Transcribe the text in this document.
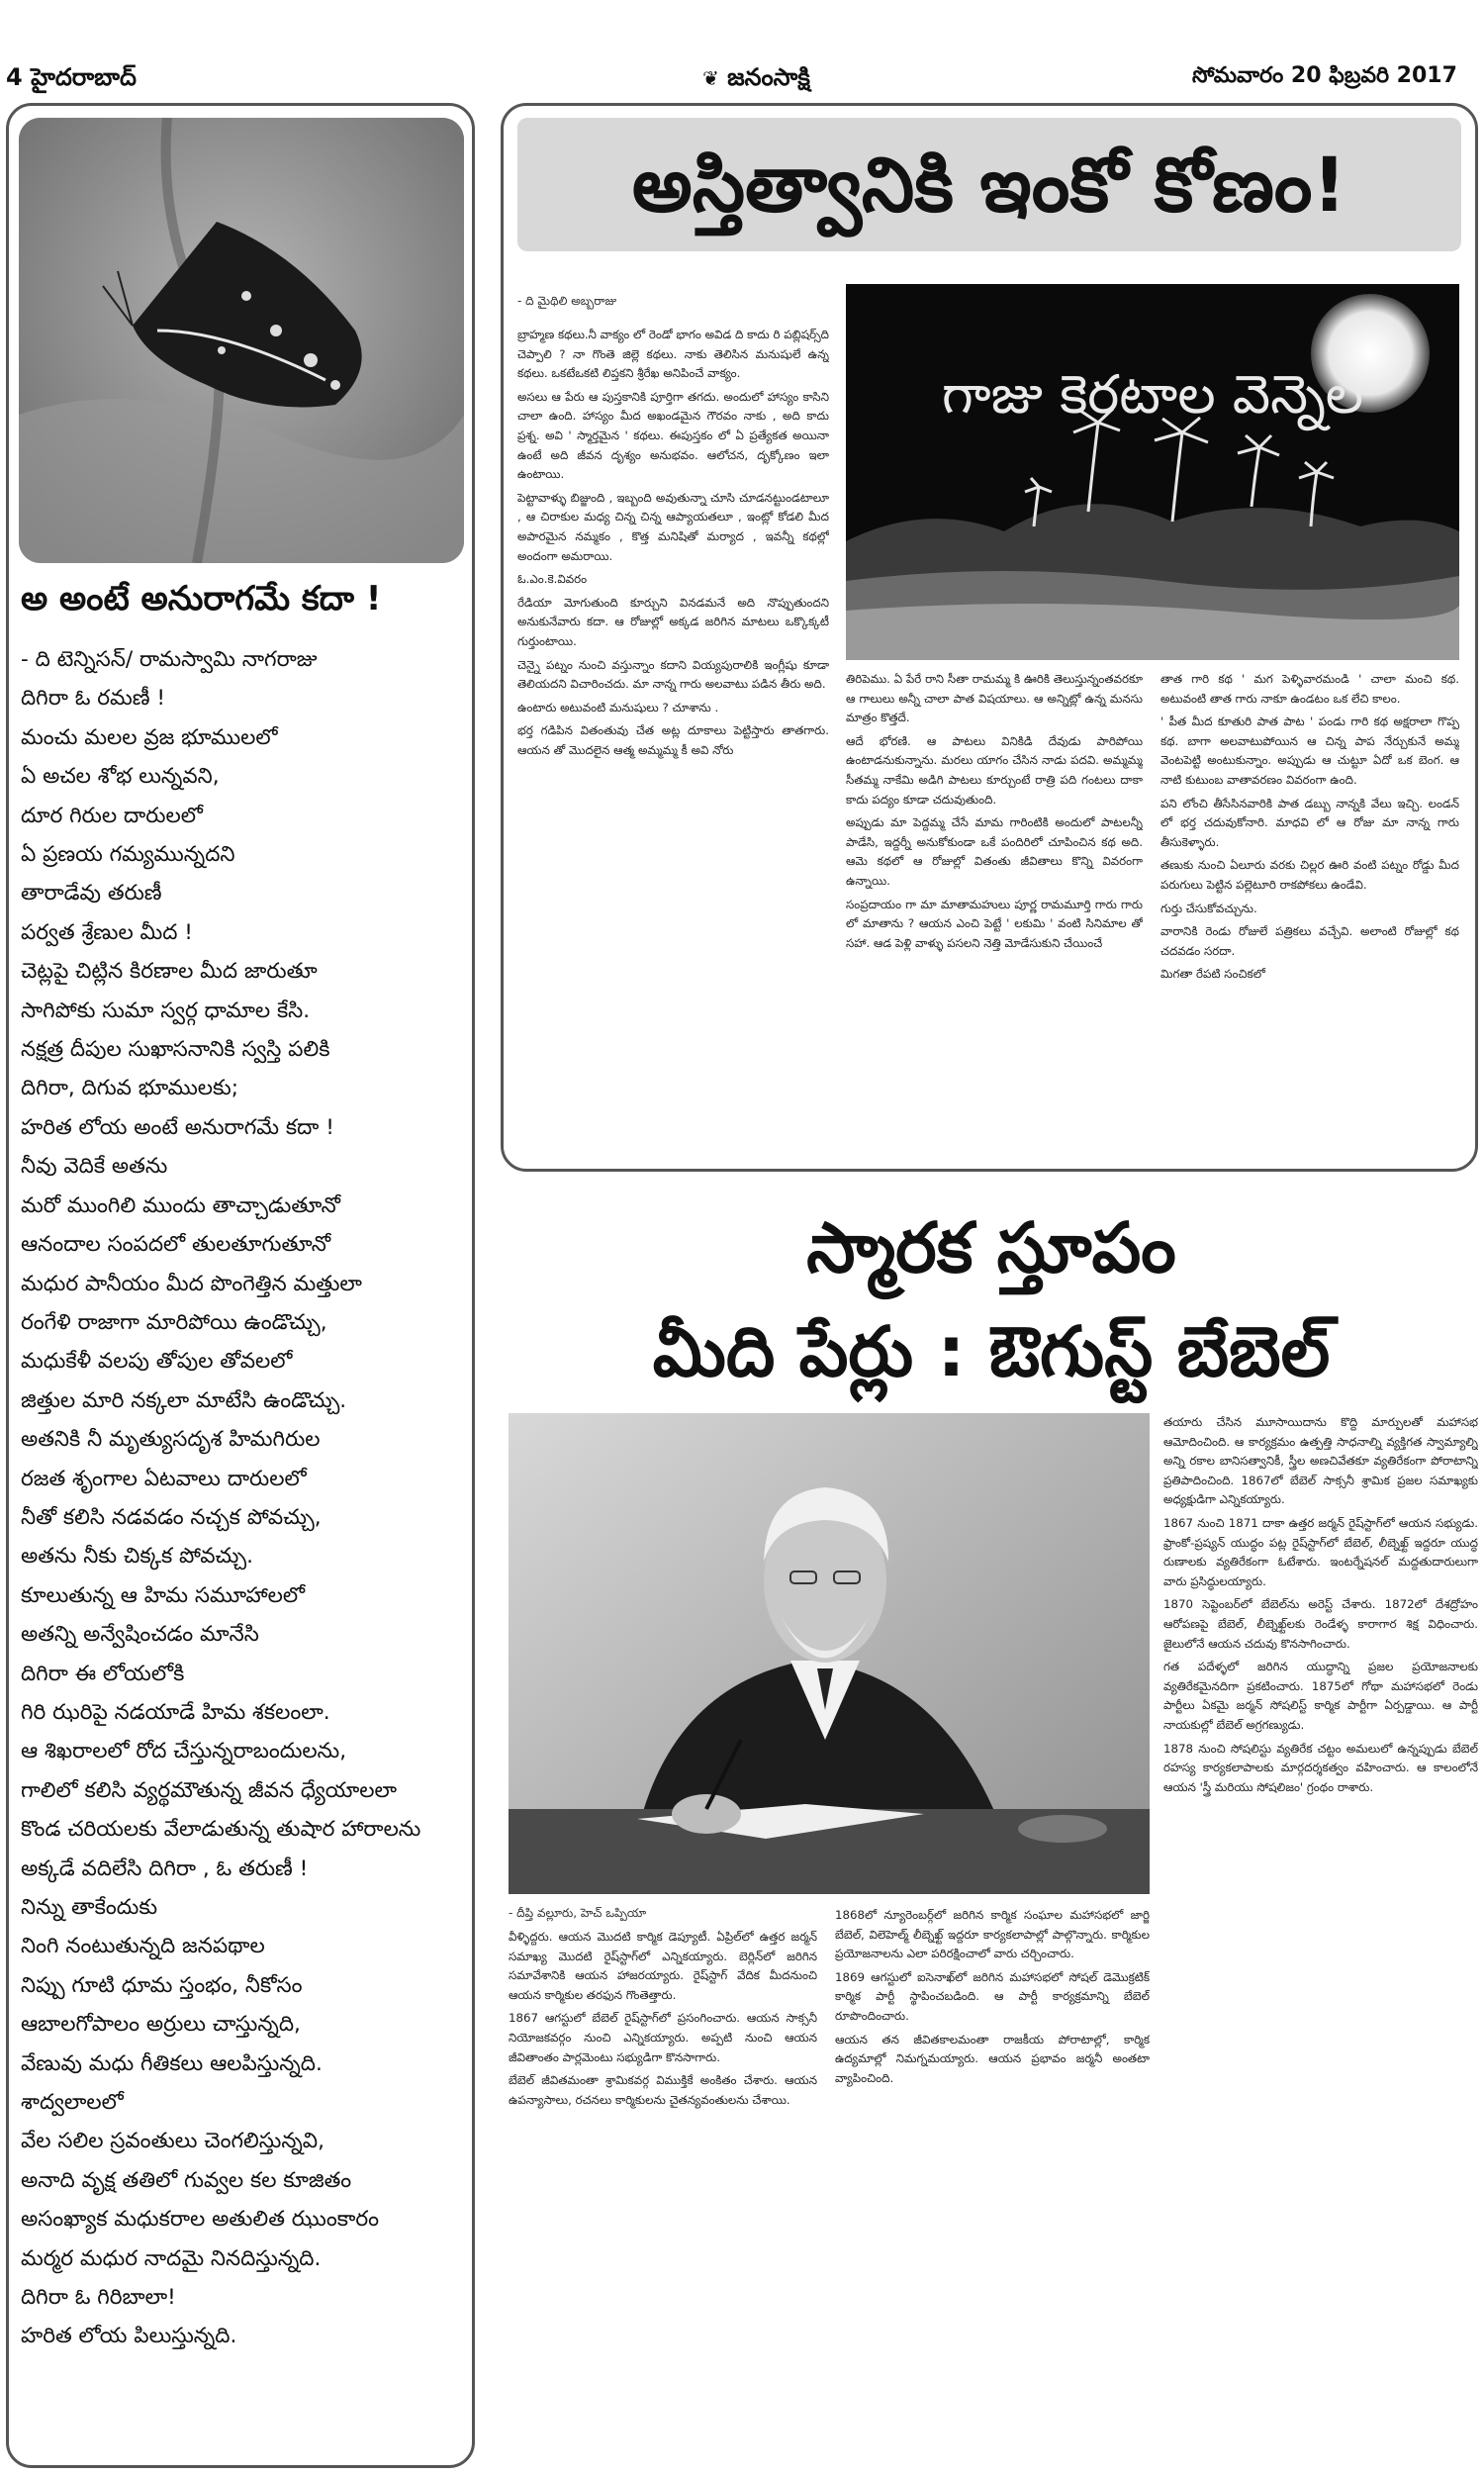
4 హైదరాబాద్	❦ జనంసాక్షి	సోమవారం 20 ఫిబ్రవరి 2017
అ అంటే అనురాగమే కదా !
- ది టెన్నిసన్/ రామస్వామి నాగరాజు
దిగిరా ఓ రమణీ !
మంచు మలల వ్రజ భూములలో
ఏ అచల శోభ లున్నవని,
దూర గిరుల దారులలో
ఏ ప్రణయ గమ్యమున్నదని
తారాడేవు తరుణీ
పర్వత శ్రేణుల మీద !
చెట్లపై చిట్లిన కిరణాల మీద జారుతూ
సాగిపోకు సుమా స్వర్గ ధామాల కేసి.
నక్షత్ర దీపుల సుఖాసనానికి స్వస్తి పలికి
దిగిరా, దిగువ భూములకు;
హరిత లోయ అంటే అనురాగమే కదా !
నీవు వెదికే అతను
మరో ముంగిలి ముందు తాచ్చాడుతూనో
ఆనందాల సంపదలో తులతూగుతూనో
మధుర పానీయం మీద పొంగెత్తిన మత్తులా
రంగేళి రాజాగా మారిపోయి ఉండొచ్చు,
మధుకేళీ వలపు తోపుల తోవలలో
జిత్తుల మారి నక్కలా మాటేసి ఉండొచ్చు.
అతనికి నీ మృత్యుసదృశ హిమగిరుల
రజత శృంగాల ఏటవాలు దారులలో
నీతో కలిసి నడవడం నచ్చక పోవచ్చు,
అతను నీకు చిక్కక పోవచ్చు.
కూలుతున్న ఆ హిమ సమూహాలలో
అతన్ని అన్వేషించడం మానేసి
దిగిరా ఈ లోయలోకి
గిరి ఝరిపై నడయాడే హిమ శకలంలా.
ఆ శిఖరాలలో రోద చేస్తున్నరాబందులను,
గాలిలో కలిసి వ్యర్థమౌతున్న జీవన ధ్యేయాలలా
కొండ చరియలకు వేలాడుతున్న తుషార హారాలను
అక్కడే వదిలేసి దిగిరా , ఓ తరుణీ !
నిన్ను తాకేందుకు
నింగి నంటుతున్నది జనపథాల
నిప్పు గూటి ధూమ స్తంభం, నీకోసం
ఆబాలగోపాలం అర్రులు చాస్తున్నది,
వేణువు మధు గీతికలు ఆలపిస్తున్నది.
శాద్వలాలలో
వేల సలిల స్రవంతులు చెంగలిస్తున్నవి,
అనాది వృక్ష తతిలో గువ్వల కల కూజితం
అసంఖ్యాక మధుకరాల అతులిత ఝుంకారం
మర్మర మధుర నాదమై నినదిస్తున్నది.
దిగిరా ఓ గిరిబాలా!
హరిత లోయ పిలుస్తున్నది.
అస్తిత్వానికి ఇంకో కోణం!
- ది మైథిలి అబ్బరాజు

బ్రాహ్మణ కథలు.నీ వాక్యం లో రెండో భాగం అవిడ ది కాదు రి పబ్లిషర్స్‌ది చెప్పాలి ? నా గొంతె జిల్లె కథలు. నాకు తెలిసిన మనుషులే ఉన్న కథలు. ఒకటేఒకటి లిప్తకని శ్రీరేఖ అనిపించే వాక్యం.

అసలు ఆ పేరు ఆ పుస్తకానికి పూర్తిగా తగదు. అందులో హాస్యం కాసిని చాలా ఉంది. హాస్యం మీద అఖండమైన గౌరవం నాకు , అది కాదు ప్రశ్న. అవి ' స్మార్తమైన ' కథలు. ఈపుస్తకం లో ఏ ప్రత్యేకత అయినా ఉంటే అది జీవన దృశ్యం అనుభవం. ఆలోచన, దృక్కోణం ఇలా ఉంటాయి.

పెట్టావాళ్ళు బిజ్జుంది , ఇబ్బంది అవుతున్నా చూసి చూడనట్టుండటాలూ , ఆ చిరాకుల మధ్య చిన్న చిన్న ఆప్యాయతలూ , ఇంట్లో కోడలి మీద అపారమైన నమ్మకం , కొత్త మనిషితో మర్యాద , ఇవన్నీ కథల్లో అందంగా అమరాయి.

ఓ.ఎం.కె.వివరం

రేడియా మోగుతుంది కూర్చుని వినడమనే అది నొప్పుతుందని అనుకునేవారు కదా. ఆ రోజుల్లో అక్కడ జరిగిన మాటలు ఒక్కొక్కటీ గుర్తుంటాయి.

చెన్నై పట్నం నుంచి వస్తున్నాం కదాని వియ్యపురాలికి ఇంగ్లీషు కూడా తెలియదని విచారించదు. మా నాన్న గారు అలవాటు పడిన తీరు అది.

ఉంటారు అటువంటి మనుషులు ? చూశాను .

భర్త గడిపిన వితంతువు చేత అట్ల దూకాలు పెట్టిస్తారు తాతగారు. ఆయన తో మొదలైన ఆత్మ అమ్మమ్మ కీ అవి నోరు

గాజు కెరటాల వెన్నెల

తిరిపెము. ఏ పేరే రాని సీతా రామమ్మ కి ఊరికి తెలుస్తున్నంతవరకూ ఆ గాలులు అన్నీ చాలా పాత విషయాలు. ఆ అన్నిట్లో ఉన్న మనసు మాత్రం కొత్తదే.

ఆదే భోరణి. ఆ పాటలు వినికిడి దేవుడు పారిపోయి ఉంటాడనుకున్నాను. మరలు యాగం చేసిన నాడు పదవి. అమ్మమ్మ సీతమ్మ నాకేమి అడిగి పాటలు కూర్చుంటే రాత్రి పది గంటలు దాకా కాదు పద్యం కూడా చదువుతుంది.

అప్పుడు మా పెద్దమ్మ చేసే మామ గారింటికి అందులో పాటలన్నీ పాడేసి, ఇద్దర్నీ అనుకోకుండా ఒకే పందిరిలో చూపించిన కథ అది. ఆమె కథలో ఆ రోజుల్లో వితంతు జీవితాలు కొన్ని వివరంగా ఉన్నాయి.

సంప్రదాయం గా మా మాతామహులు పూర్ణ రామమూర్తి గారు గారు లో మాతాను ? ఆయన ఎంచి పెట్టే ' లకుమి ' వంటి సినిమాల తో సహా. ఆడ పెళ్లి వాళ్ళు పసలని నెత్తి మోడేసుకుని చేయించే

తాత గారి కథ ' మగ పెళ్ళివారమండి ' చాలా మంచి కథ. అటువంటి తాత గారు నాకూ ఉండటం ఒక లేచి కాలం.

' పీత మీద కూతురి పాత పాట ' పండు గారి కథ అక్షరాలా గొప్ప కథ. బాగా అలవాటుపోయిన ఆ చిన్న పాప నేర్చుకునే అమ్మ వెంటపెట్టి అంటుకున్నాం. అప్పుడు ఆ చుట్టూ ఏదో ఒక బెంగ. ఆ నాటి కుటుంబ వాతావరణం వివరంగా ఉంది.

పని లోంచి తీసేసినవారికి పాత డబ్బు నాన్నకి వేలు ఇచ్చి. లండన్ లో భర్త చదువుకోనారి. మాధవి లో ఆ రోజు మా నాన్న గారు తీసుకెళ్ళారు.

తణుకు నుంచి ఏలూరు వరకు చిల్లర ఊరి వంటి పట్నం రోడ్డు మీద పరుగులు పెట్టిన పల్లెటూరి రాకపోకలు ఉండేవి.

గుర్తు చేసుకోవచ్చును.

వారానికి రెండు రోజులే పత్రికలు వచ్చేవి. అలాంటి రోజుల్లో కథ చదవడం సరదా.

మిగతా రేపటి సంచికలో

స్మారక స్తూపం
మీది పేర్లు : ఔగుస్ట్ బేబెల్

తయారు చేసిన మూసాయిదాను కొద్ది మార్పులతో మహాసభ ఆమోదించింది. ఆ కార్యక్రమం ఉత్పత్తి సాధనాల్ని వ్యక్తిగత స్వామ్యాల్ని అన్ని రకాల బానిసత్వానికీ, స్త్రీల అణచివేతకూ వ్యతిరేకంగా పోరాటాన్ని ప్రతిపాదించింది. 1867లో బేబెల్ సాక్సనీ శ్రామిక ప్రజల సమాఖ్యకు అధ్యక్షుడిగా ఎన్నికయ్యారు.

1867 నుంచి 1871 దాకా ఉత్తర జర్మన్ రైష్‌స్టాగ్‌లో ఆయన సభ్యుడు. ఫ్రాంకో-ప్రష్యన్ యుద్ధం పట్ల రైష్‌స్టాగ్‌లో బేబెల్, లీబ్నెఖ్ట్ ఇద్దరూ యుద్ధ రుణాలకు వ్యతిరేకంగా ఓటేశారు. ఇంటర్నేషనల్ మద్దతుదారులుగా వారు ప్రసిద్ధులయ్యారు.

1870 సెప్టెంబర్‌లో బేబెల్‌ను అరెస్ట్ చేశారు. 1872లో దేశద్రోహం ఆరోపణపై బేబెల్, లీబ్నెఖ్ట్‌లకు రెండేళ్ళ కారాగార శిక్ష విధించారు. జైలులోనే ఆయన చదువు కొనసాగించారు.

గత పదేళ్ళలో జరిగిన యుద్ధాన్ని ప్రజల ప్రయోజనాలకు వ్యతిరేకమైనదిగా ప్రకటించారు. 1875లో గోథా మహాసభలో రెండు పార్టీలు ఏకమై జర్మన్ సోషలిస్ట్ కార్మిక పార్టీగా ఏర్పడ్డాయి. ఆ పార్టీ నాయకుల్లో బేబెల్ అగ్రగణ్యుడు.

1878 నుంచి సోషలిస్టు వ్యతిరేక చట్టం అమలులో ఉన్నప్పుడు బేబెల్ రహస్య కార్యకలాపాలకు మార్గదర్శకత్వం వహించారు. ఆ కాలంలోనే ఆయన 'స్త్రీ మరియు సోషలిజం' గ్రంథం రాశారు.

- దీప్తి వల్లూరు, హెచ్ ఒప్పియా

వీళ్ళిద్దరు. ఆయన మొదటి కార్మిక డెప్యూటీ. ఏప్రిల్‌లో ఉత్తర జర్మన్ సమాఖ్య మొదటి రైష్‌స్టాగ్‌లో ఎన్నికయ్యారు. బెర్లిన్‌లో జరిగిన సమావేశానికి ఆయన హాజరయ్యారు. రైష్‌స్టాగ్ వేదిక మీదనుంచి ఆయన కార్మికుల తరఫున గొంతెత్తారు.

1867 ఆగస్టులో బేబెల్ రైష్‌స్టాగ్‌లో ప్రసంగించారు. ఆయన సాక్సనీ నియోజకవర్గం నుంచి ఎన్నికయ్యారు. అప్పటి నుంచి ఆయన జీవితాంతం పార్లమెంటు సభ్యుడిగా కొనసాగారు.

బేబెల్ జీవితమంతా శ్రామికవర్గ విముక్తికే అంకితం చేశారు. ఆయన ఉపన్యాసాలు, రచనలు కార్మికులను చైతన్యవంతులను చేశాయి.

1868లో న్యూరెంబర్గ్‌లో జరిగిన కార్మిక సంఘాల మహాసభలో జార్జి బేబెల్, విలెహెల్మ్ లీబ్నెఖ్ట్ ఇద్దరూ కార్యకలాపాల్లో పాల్గొన్నారు. కార్మికుల ప్రయోజనాలను ఎలా పరిరక్షించాలో వారు చర్చించారు.

1869 ఆగస్టులో ఐసెనాఖ్‌లో జరిగిన మహాసభలో సోషల్ డెమొక్రటిక్ కార్మిక పార్టీ స్థాపించబడింది. ఆ పార్టీ కార్యక్రమాన్ని బేబెల్ రూపొందించారు.

ఆయన తన జీవితకాలమంతా రాజకీయ పోరాటాల్లో, కార్మిక ఉద్యమాల్లో నిమగ్నమయ్యారు. ఆయన ప్రభావం జర్మనీ అంతటా వ్యాపించింది.
